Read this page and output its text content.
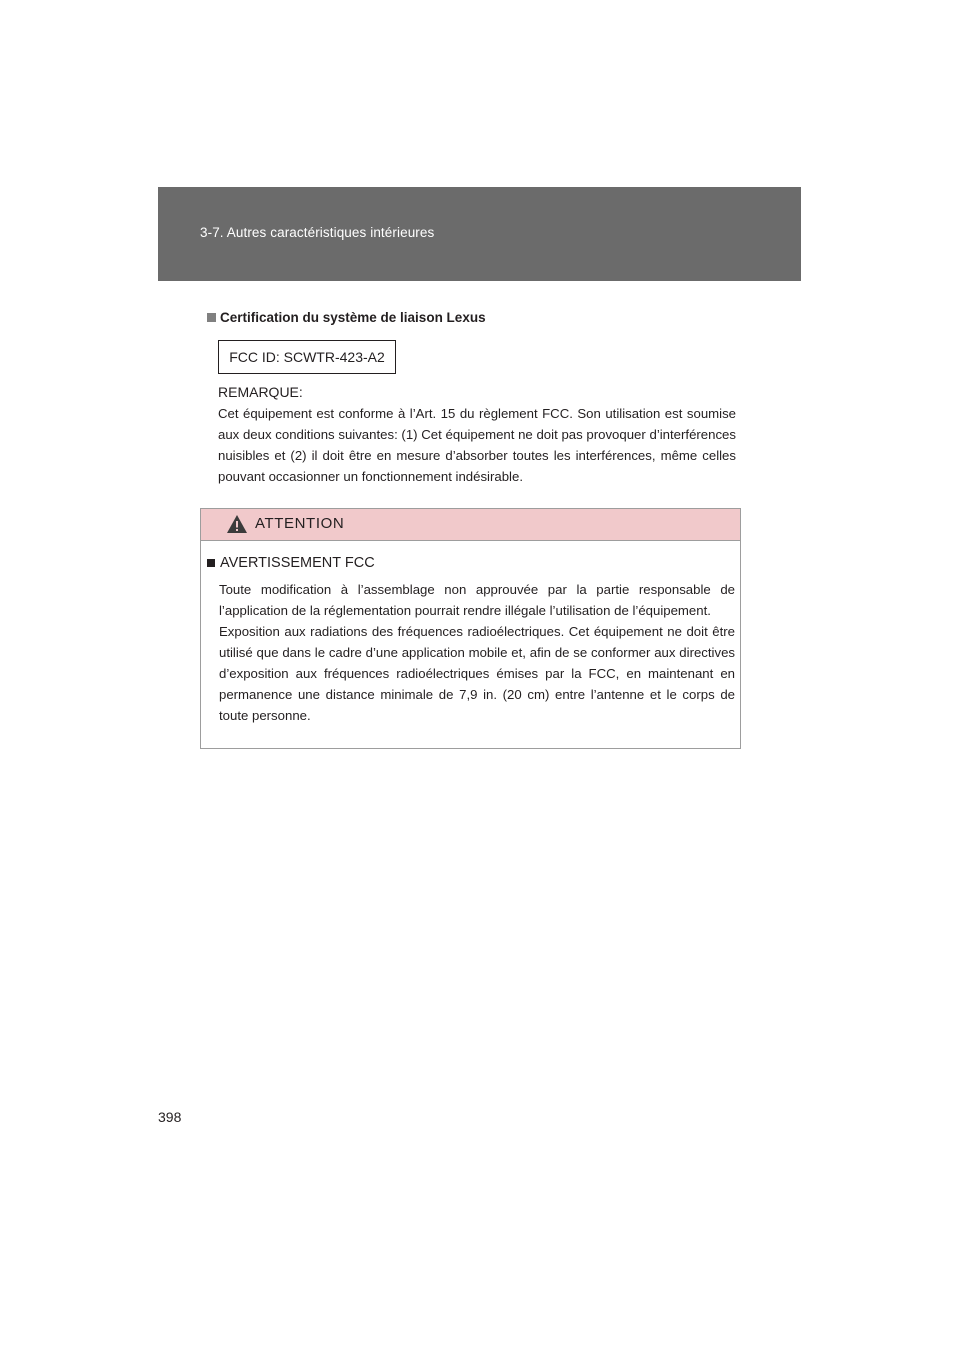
3-7. Autres caractéristiques intérieures
Certification du système de liaison Lexus
FCC ID: SCWTR-423-A2
REMARQUE:
Cet équipement est conforme à l’Art. 15 du règlement FCC. Son utilisation est soumise aux deux conditions suivantes: (1) Cet équipement ne doit pas provoquer d’interférences nuisibles et (2) il doit être en mesure d’absorber toutes les interférences, même celles pouvant occasionner un fonctionnement indésirable.
ATTENTION
AVERTISSEMENT FCC

Toute modification à l’assemblage non approuvée par la partie responsable de l’application de la réglementation pourrait rendre illégale l’utilisation de l’équipement.

Exposition aux radiations des fréquences radioélectriques. Cet équipement ne doit être utilisé que dans le cadre d’une application mobile et, afin de se conformer aux directives d’exposition aux fréquences radioélectriques émises par la FCC, en maintenant en permanence une distance minimale de 7,9 in. (20 cm) entre l’antenne et le corps de toute personne.

398
